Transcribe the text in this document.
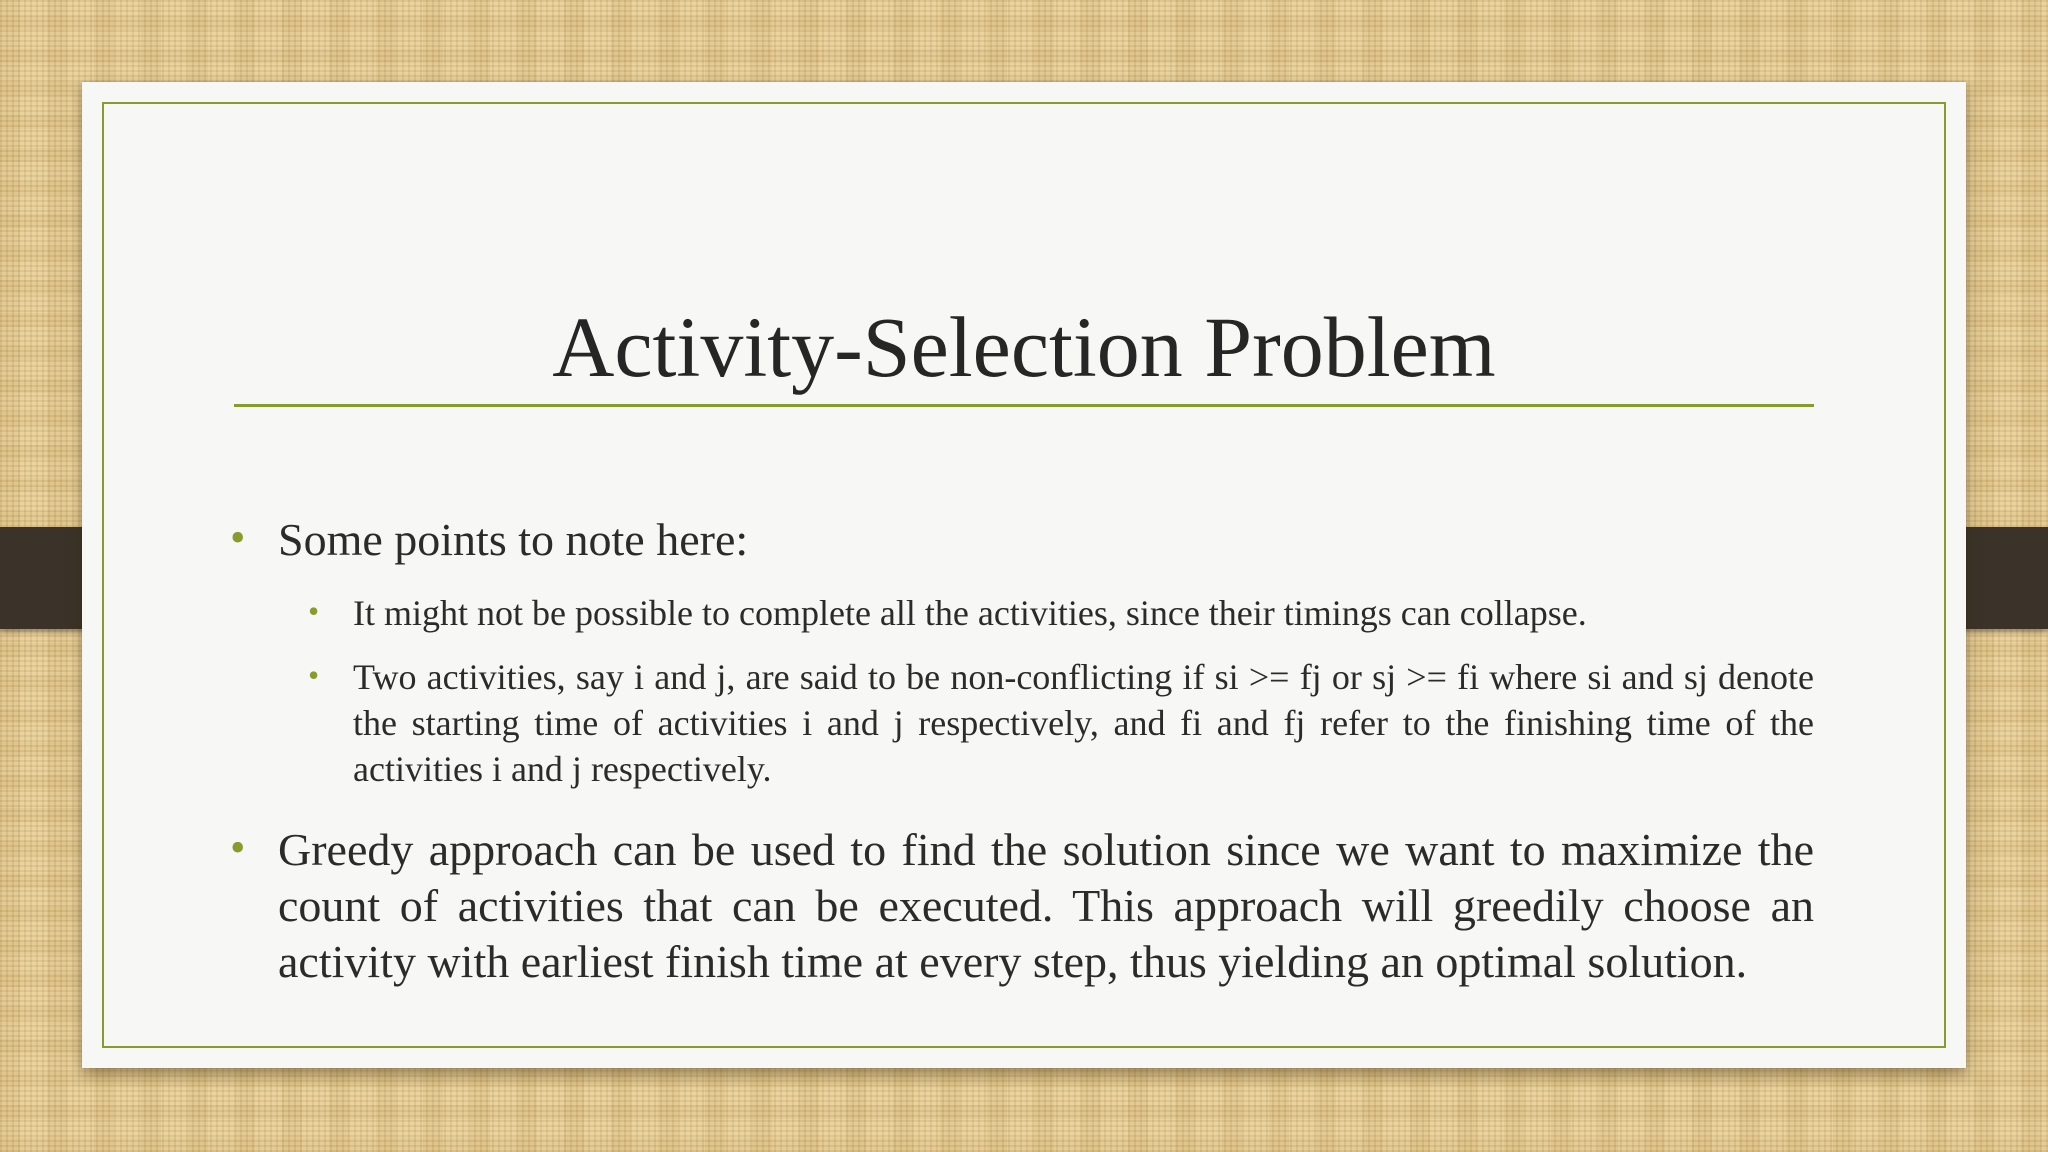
Activity-Selection Problem
• Some points to note here:
• It might not be possible to complete all the activities, since their timings can collapse.
• Two activities, say i and j, are said to be non-conflicting if si >= fj or sj >= fi where si and sj denote the starting time of activities i and j respectively, and fi and fj refer to the finishing time of the activities i and j respectively.
• Greedy approach can be used to find the solution since we want to maximize the count of activities that can be executed. This approach will greedily choose an activity with earliest finish time at every step, thus yielding an optimal solution.
